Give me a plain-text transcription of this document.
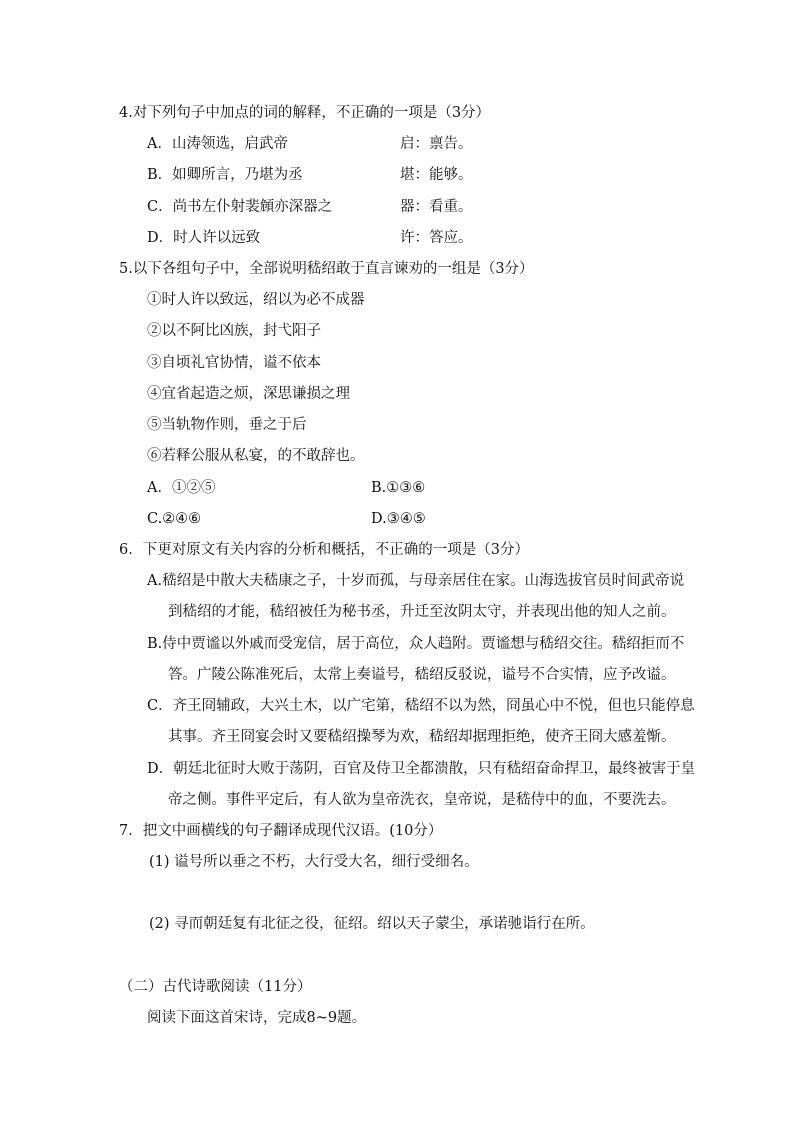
4.对下列句子中加点的词的解释，不正确的一项是（3分）
A．山涛领选，启武帝	启：禀告。
B．如卿所言，乃堪为丞	堪：能够。
C．尚书左仆射裴頠亦深器之	器：看重。
D．时人许以远致	许：答应。
5.以下各组句子中，全部说明嵇绍敢于直言谏劝的一组是（3分）
①时人许以致远，绍以为必不成器
②以不阿比凶族，封弋阳子
③自顷礼官协情，谥不依本
④宜省起造之烦，深思谦损之理
⑤当轨物作则，垂之于后
⑥若释公服从私宴，的不敢辞也。
A．①②⑤	B.①③⑥
C.②④⑥	D.③④⑤
6．下更对原文有关内容的分析和概括，不正确的一项是（3分）
A.嵇绍是中散大夫嵇康之子，十岁而孤，与母亲居住在家。山海选拔官员时间武帝说
到嵇绍的才能，嵇绍被任为秘书丞，升迁至汝阴太守，并表现出他的知人之前。
B.侍中贾谧以外戚而受宠信，居于高位，众人趋附。贾谧想与嵇绍交往。嵇绍拒而不
答。广陵公陈准死后，太常上奏谥号，嵇绍反驳说，谥号不合实情，应予改谥。
C．齐王冏辅政，大兴土木，以广宅第，嵇绍不以为然，冏虽心中不悦，但也只能停息
其事。齐王冏宴会时又要嵇绍操琴为欢，嵇绍却据理拒绝，使齐王冏大感羞惭。
D．朝廷北征时大败于荡阴，百官及侍卫全都溃散，只有嵇绍奋命捍卫，最终被害于皇
帝之侧。事件平定后，有人欲为皇帝洗衣，皇帝说，是嵇侍中的血，不要洗去。
7．把文中画横线的句子翻译成现代汉语。(10分）
(1) 谥号所以垂之不朽，大行受大名，细行受细名。
(2) 寻而朝廷复有北征之役，征绍。绍以天子蒙尘，承诺驰诣行在所。
（二）古代诗歌阅读（11分）
阅读下面这首宋诗，完成8~9题。
